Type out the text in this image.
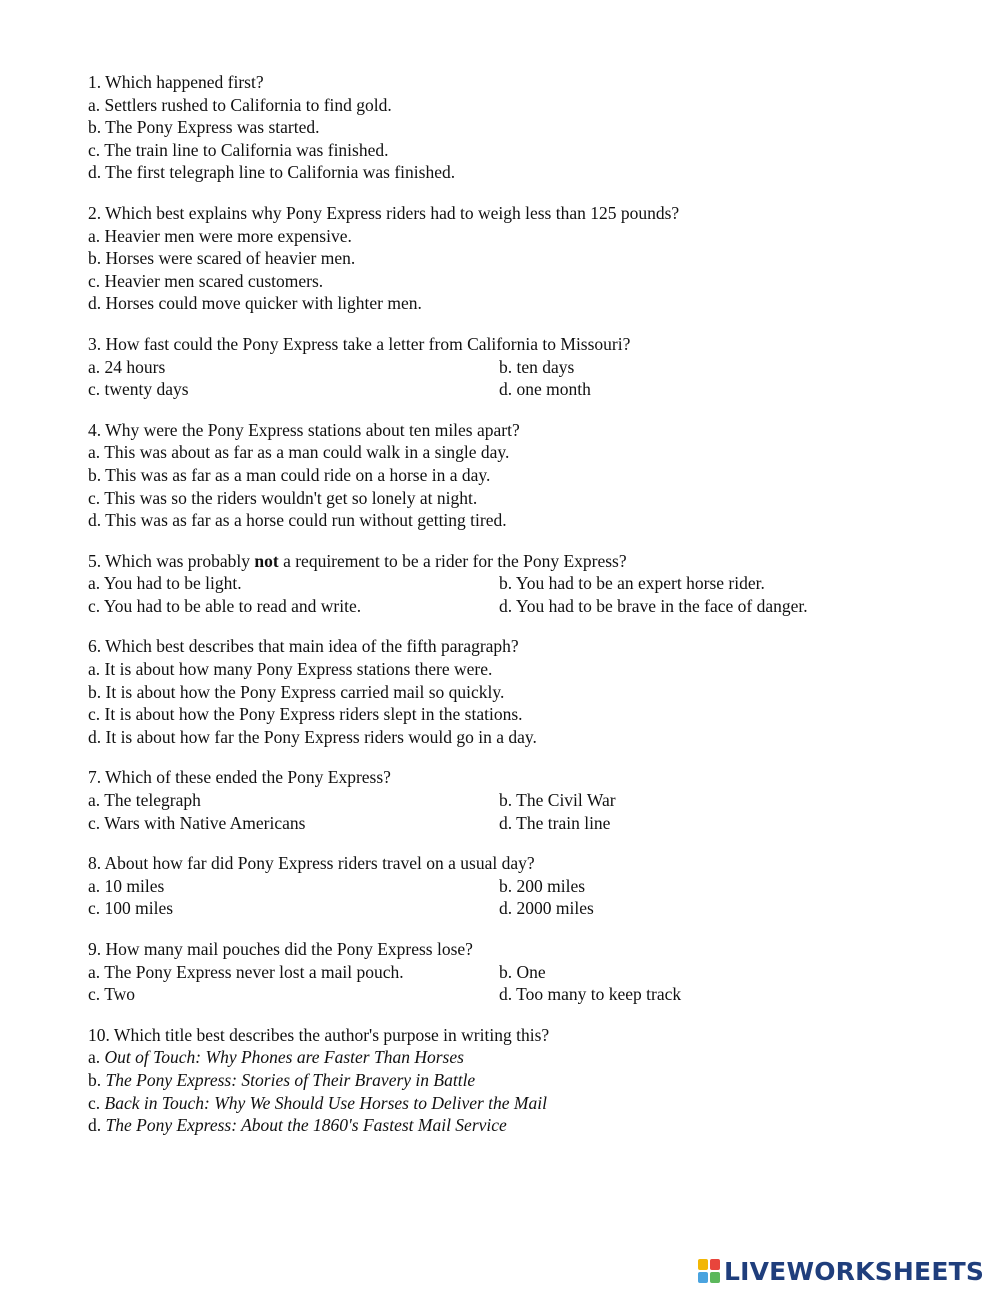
1. Which happened first?
a. Settlers rushed to California to find gold.
b. The Pony Express was started.
c. The train line to California was finished.
d. The first telegraph line to California was finished.
2. Which best explains why Pony Express riders had to weigh less than 125 pounds?
a. Heavier men were more expensive.
b. Horses were scared of heavier men.
c. Heavier men scared customers.
d. Horses could move quicker with lighter men.
3. How fast could the Pony Express take a letter from California to Missouri?
a. 24 hours	b. ten days
c. twenty days	d. one month
4. Why were the Pony Express stations about ten miles apart?
a. This was about as far as a man could walk in a single day.
b. This was as far as a man could ride on a horse in a day.
c. This was so the riders wouldn't get so lonely at night.
d. This was as far as a horse could run without getting tired.
5. Which was probably not a requirement to be a rider for the Pony Express?
a. You had to be light.	b. You had to be an expert horse rider.
c. You had to be able to read and write.	d. You had to be brave in the face of danger.
6. Which best describes that main idea of the fifth paragraph?
a. It is about how many Pony Express stations there were.
b. It is about how the Pony Express carried mail so quickly.
c. It is about how the Pony Express riders slept in the stations.
d. It is about how far the Pony Express riders would go in a day.
7. Which of these ended the Pony Express?
a. The telegraph	b. The Civil War
c. Wars with Native Americans	d. The train line
8. About how far did Pony Express riders travel on a usual day?
a. 10 miles	b. 200 miles
c. 100 miles	d. 2000 miles
9. How many mail pouches did the Pony Express lose?
a. The Pony Express never lost a mail pouch.	b. One
c. Two	d. Too many to keep track
10. Which title best describes the author's purpose in writing this?
a. Out of Touch: Why Phones are Faster Than Horses
b. The Pony Express: Stories of Their Bravery in Battle
c. Back in Touch: Why We Should Use Horses to Deliver the Mail
d. The Pony Express: About the 1860's Fastest Mail Service
LIVEWORKSHEETS
